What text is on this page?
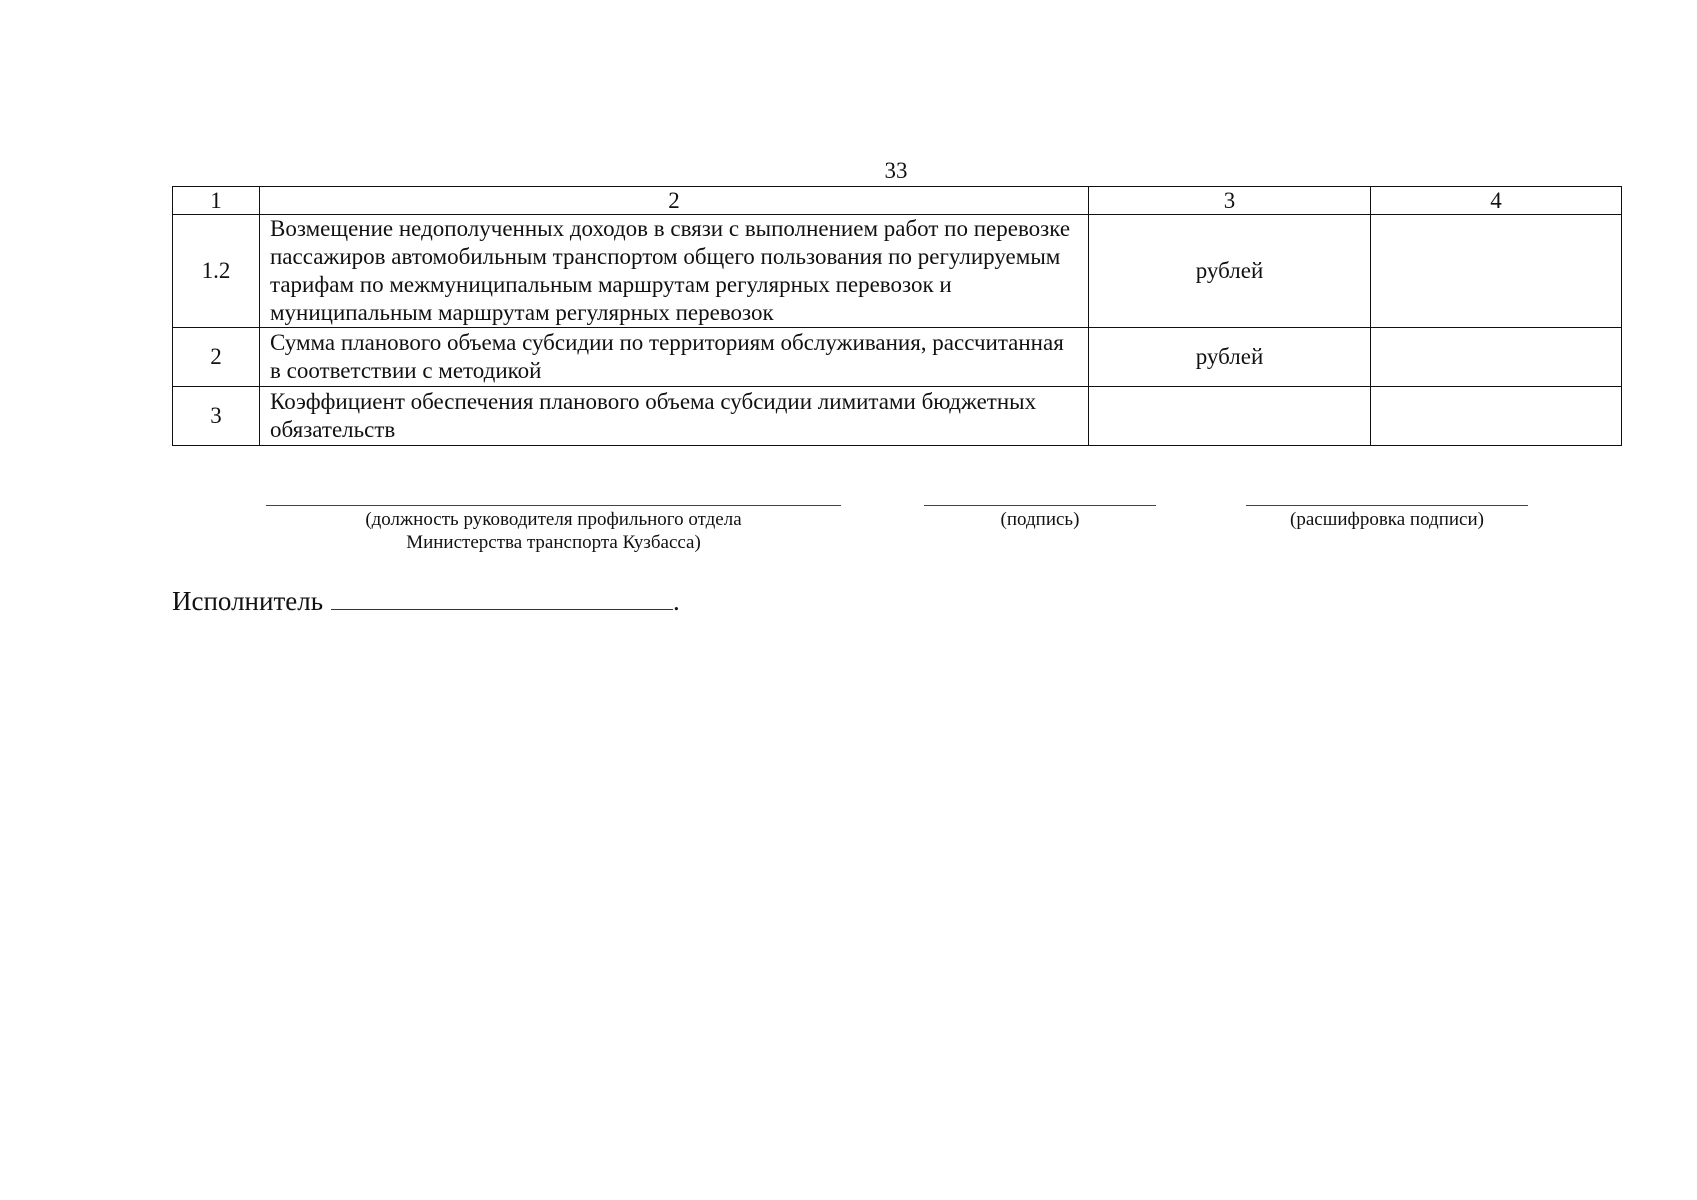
33
1	2	3	4
1.2	Возмещение недополученных доходов в связи с выполнением работ по перевозке пассажиров автомобильным транспортом общего пользования по регулируемым тарифам по межмуниципальным маршрутам регулярных перевозок и муниципальным маршрутам регулярных перевозок	рублей	
2	Сумма планового объема субсидии по территориям обслуживания, рассчитанная в соответствии с методикой	рублей	
3	Коэффициент обеспечения планового объема субсидии лимитами бюджетных обязательств		
(должность руководителя профильного отдела
Министерства транспорта Кузбасса)
(подпись)	(расшифровка подписи)
Исполнитель	.
